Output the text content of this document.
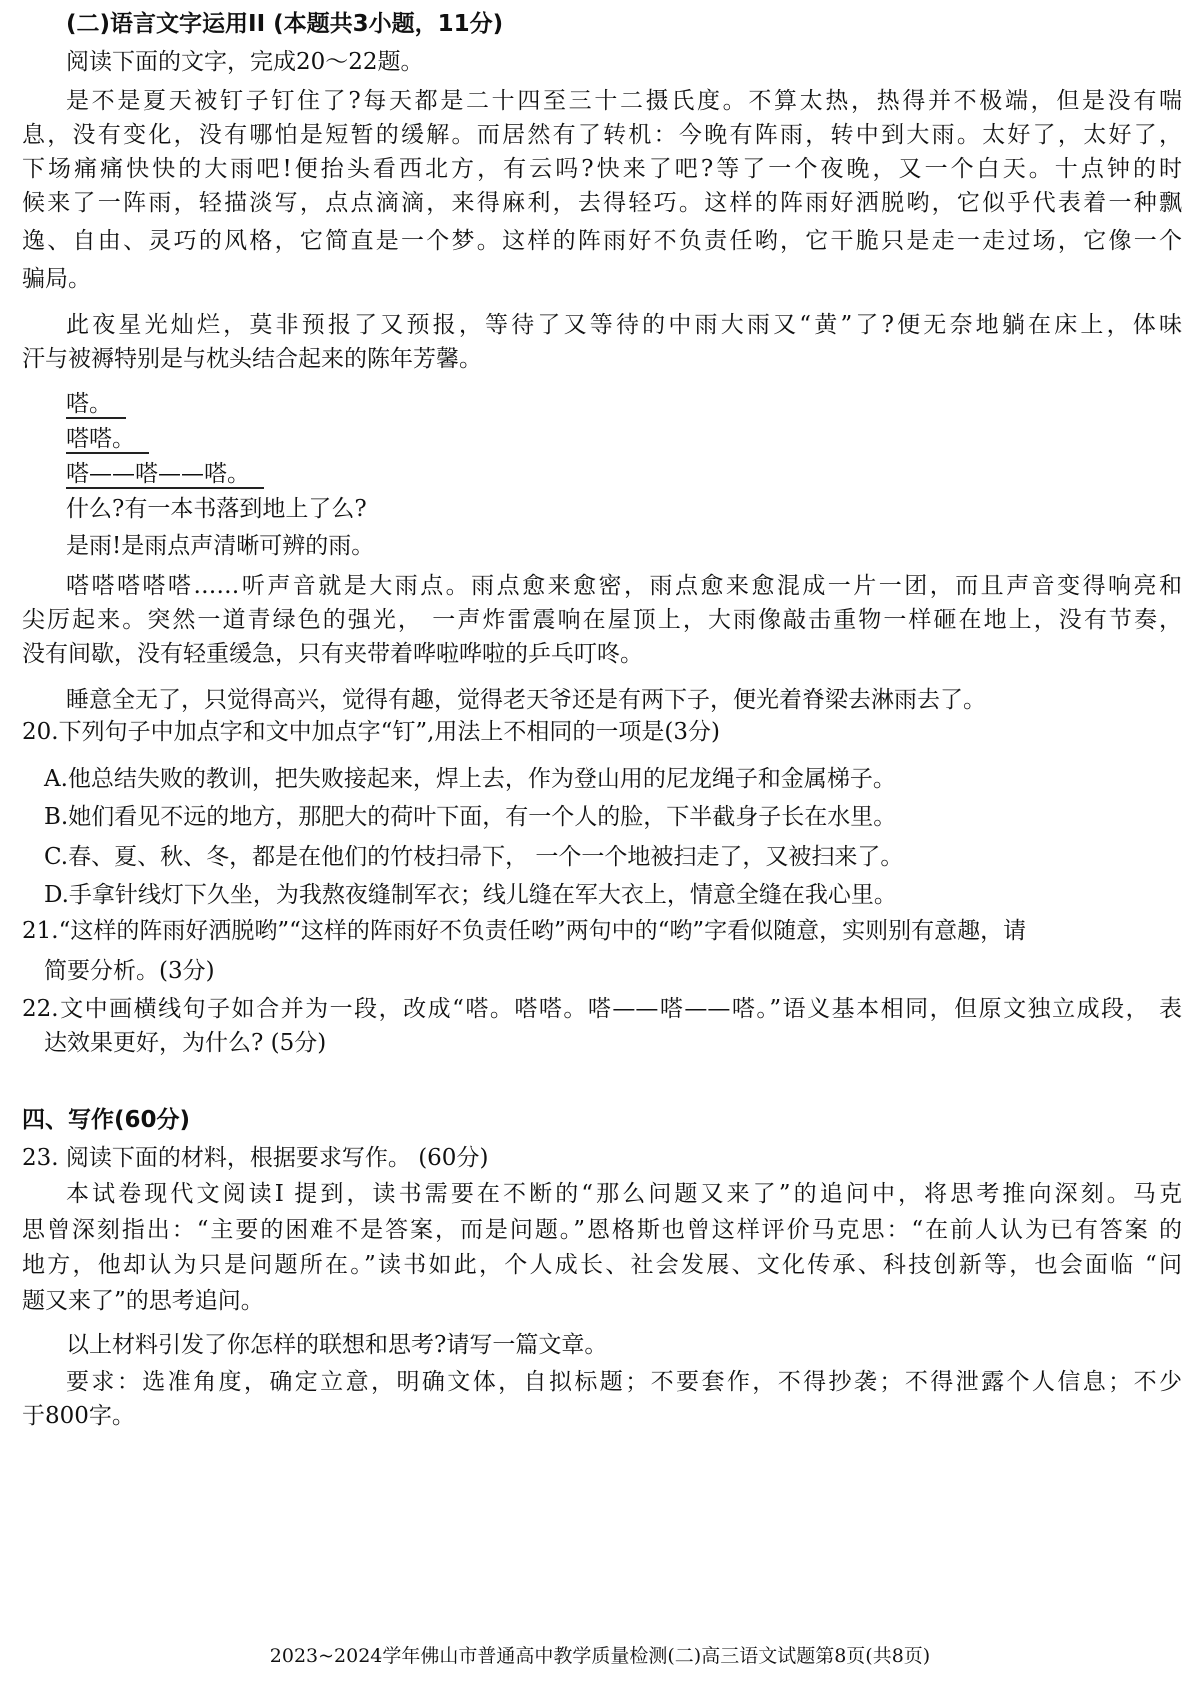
(二)语言文字运用II (本题共3小题，11分)
阅读下面的文字，完成20～22题。
是不是夏天被钉子钉住了?每天都是二十四至三十二摄氏度。不算太热，热得并不极端，但是没有喘
息，没有变化，没有哪怕是短暂的缓解。而居然有了转机：今晚有阵雨，转中到大雨。太好了，太好了，
下场痛痛快快的大雨吧!便抬头看西北方，有云吗?快来了吧?等了一个夜晚，又一个白天。十点钟的时
候来了一阵雨，轻描淡写，点点滴滴，来得麻利，去得轻巧。这样的阵雨好洒脱哟，它似乎代表着一种飘
逸、自由、灵巧的风格，它简直是一个梦。这样的阵雨好不负责任哟，它干脆只是走一走过场，它像一个
骗局。
此夜星光灿烂，莫非预报了又预报，等待了又等待的中雨大雨又“黄”了?便无奈地躺在床上，体味
汗与被褥特别是与枕头结合起来的陈年芳馨。
嗒。
嗒嗒。
嗒——嗒——嗒。
什么?有一本书落到地上了么?
是雨!是雨点声清晰可辨的雨。
嗒嗒嗒嗒嗒……听声音就是大雨点。雨点愈来愈密，雨点愈来愈混成一片一团，而且声音变得响亮和
尖厉起来。突然一道青绿色的强光， 一声炸雷震响在屋顶上，大雨像敲击重物一样砸在地上，没有节奏，
没有间歇，没有轻重缓急，只有夹带着哗啦哗啦的乒乓叮咚。
睡意全无了，只觉得高兴，觉得有趣，觉得老天爷还是有两下子，便光着脊梁去淋雨去了。
20.下列句子中加点字和文中加点字“钉”,用法上不相同的一项是(3分)
A.他总结失败的教训，把失败接起来，焊上去，作为登山用的尼龙绳子和金属梯子。
B.她们看见不远的地方，那肥大的荷叶下面，有一个人的脸，下半截身子长在水里。
C.春、夏、秋、冬，都是在他们的竹枝扫帚下， 一个一个地被扫走了，又被扫来了。
D.手拿针线灯下久坐，为我熬夜缝制军衣；线儿缝在军大衣上，情意全缝在我心里。
21.“这样的阵雨好洒脱哟”“这样的阵雨好不负责任哟”两句中的“哟”字看似随意，实则别有意趣，请
简要分析。(3分)
22.文中画横线句子如合并为一段，改成“嗒。嗒嗒。嗒——嗒——嗒。”语义基本相同，但原文独立成段， 表
达效果更好，为什么? (5分)
四、写作(60分)
23. 阅读下面的材料，根据要求写作。 (60分)
本试卷现代文阅读I 提到，读书需要在不断的“那么问题又来了”的追问中，将思考推向深刻。马克
思曾深刻指出：“主要的困难不是答案，而是问题。”恩格斯也曾这样评价马克思：“在前人认为已有答案 的
地方，他却认为只是问题所在。”读书如此，个人成长、社会发展、文化传承、科技创新等，也会面临 “问
题又来了”的思考追问。
以上材料引发了你怎样的联想和思考?请写一篇文章。
要求：选准角度，确定立意，明确文体，自拟标题；不要套作，不得抄袭；不得泄露个人信息；不少
于800字。
2023~2024学年佛山市普通高中教学质量检测(二)高三语文试题第8页(共8页)
